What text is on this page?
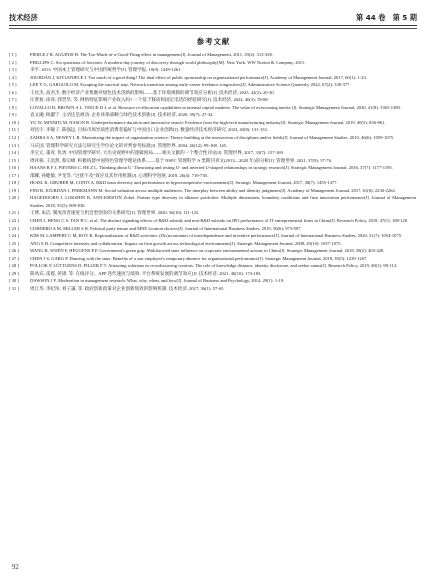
技术经济	第 44 卷　第 5 期
参考文献
[ 1 ]	PIERCE J R, AGUINIS H. The Too-Much-of-a-Good-Thing effect in management[J]. Journal of Management, 2011, 39(2): 313-338.
[ 2 ]	PHILLIPS C. Six questions of Socrates: A modern-day journey of discovery through world philosophy[M]. New York: WW Norton & Company, 2011.
[ 3 ]	李平. 2013. 中国本土管理研究与中国传统哲学[J]. 管理学报, 10(9): 1249-1261.
[ 4 ]	JOURDAN J, KIVLENIECE I. Too much of a good thing? The dual effect of public sponsorship on organizational performance[J]. Academy of Management Journal, 2017, 60(1): 1-23.
[ 5 ]	LEE Y G, GARGUILO M. Escaping the survival trap: Network transition among early-career freelance songwriters[J]. Administrative Science Quarterly, 2022, 67(2): 339-377.
[ 6 ]	王昆杰, 高君杰. 数字经济产业集聚对绿色技术创新的影响——基于环境规制的调节效应分析[J]. 技术经济, 2025, 42(2): 20-30.
[ 7 ]	汪贤裕, 徐涛, 郭晋华, 等. 网络特征影响产业收入吗? 一个基于移动和固定电话的经验研究[J]. 技术经济, 2024, 40(3): 78-88.
[ 8 ]	LOVALLO D, BROWN A L, TEECE D J, et al. Resource re-allocation capabilities in internal capital markets: The value of overcoming inertia [J]. Strategic Management Journal, 2020, 41(8): 1365-1380.
[ 9 ]	袁文融, 杨蕙宁. 主动还是被动: 企业环保战略与绿色技术创新[J]. 技术经济, 2020, 39(7): 27-34.
[ 10 ]	YU W, MINNITI M, NASON R. Underperformance duration and innovative search: Evidence from the high-tech manufacturing industry[J]. Strategic Management Journal, 2019, 40(5): 836-861.
[ 11 ]	刘昌宇, 李敏子, 陈强远. 目标市场异质性消费者偏好与中国出口企业创新[J]. 数量经济技术经济研究, 2023, 40(8): 131-153.
[ 12 ]	ZAHRA S A, NEWEY L R. Maximizing the impact of organization science: Theory-building at the intersection of disciplines and/or fields[J]. Journal of Management Studies, 2010, 46(6): 1059-1075.
[ 13 ]	马庆国. 管理科学研究方法与研究生学位论文的评判参考标准[J]. 管理世界, 2004, 26(12): 99-108, 145.
[ 14 ]	李宝元, 董青, 仇勇. 中国管理学研究: 大历史视野中的逻辑困局——相关文献的一个整合性评论[J]. 管理世界, 2017, 33(7): 157-169.
[ 15 ]	周祥栋, 王浩然, 蔡宗峰. 积极构建中国特色管理学理论体系——基于 NSFC 管理科学 A 类期刊刊文(2013—2020 年)的分析[J]. 管理世界, 2021, 37(9): 57-76.
[ 16 ]	HAANS R F J, PIETERS C, HE Z L. Thinking about U: Theorizing and testing U- and inverted U-shaped relationships in strategy research[J]. Strategic Management Journal, 2016, 37(7): 1177-1195.
[ 17 ]	邵娜, 孙健敏, 尹奎等. "过犹不及"效应及其作用机制[J]. 心理科学进展, 2018, 26(4): 719-730.
[ 18 ]	HOISL K, GRUBER M, CONTI A. R&D team diversity and performance in hypercompetitive environments[J]. Strategic Management Journal, 2017, 38(7): 1455-1477.
[ 19 ]	FINI R, JOURDAN J, PERKMANN M. Social valuation across multiple audiences: The interplay between ability and identity judgments[J]. Academy of Management Journal, 2017, 61(6): 2230-2264.
[ 20 ]	HAGEDOORN J, LOKSHIN B, ANN-KRISTIN Zobel. Partner type diversity in alliance portfolios: Multiple dimensions, boundary conditions and firm innovation performance[J]. Journal of Management Studies, 2018, 55(5): 809-836.
[ 21 ]	王博, 朱沆. 制度改善速度与机会型创业的关系研究[J]. 管理世界, 2020, 36(10): 111-125.
[ 22 ]	CHEN J, HENG C S, TAN B C, et al. The distinct signaling effects of R&D subsidy and non-R&D subsidy on IPO performance of IT entrepreneurial firms in China[J]. Research Policy, 2018, 47(1): 108-120.
[ 23 ]	CORDERO A M, MILLER S R. Political party tenure and MNE location choices[J]. Journal of International Business Studies, 2019, 50(6): 973-997.
[ 24 ]	KIM M, LAMPERT C M, ROY R. Regionalization of R&D activities: (Dis)economies of interdependence and inventive performance[J]. Journal of International Business Studies, 2020, 51(7): 1054-1075.
[ 25 ]	ANG S H. Competitive intensity and collaboration: Impact on firm growth across technological environments[J]. Strategic Management Journal, 2008, 29(10): 1057-1075.
[ 26 ]	WANG R, WIJEN F, HEUGENS P P. Government's green grip: Multifaceted state influence on corporate environmental actions in China[J]. Strategic Management Journal, 2018, 39(2): 403-428.
[ 27 ]	CHEN J S, GARG P. Dancing with the stars: Benefits of a star employee's temporary absence for organizational performance[J]. Strategic Management Journal, 2018, 39(5): 1239-1267.
[ 28 ]	POLLOK P, LÜTTGENS D, PILLER F T. Attracting solutions in crowdsourcing contests: The role of knowledge distance, identity disclosure, and seeker status[J]. Research Policy, 2019, 48(1): 98-114.
[ 29 ]	陈凤宾, 雷霆, 蒋锦. 等. 在线评分、APP 迭代速度与绩效: 平台系统发展的调节效应[J]. 技术经济, 2021, 40(10): 173-183.
[ 30 ]	DAWSON J F. Moderation in management research: What, why, when, and how[J]. Journal of Business and Psychology, 2014, 29(1): 1-19.
[ 31 ]	周江华, 李纪珍, 刘子謙, 等. 政府创新政策对企业创新绩效的影响机制. 技术经济, 2017, 36(1): 57-65.
92
